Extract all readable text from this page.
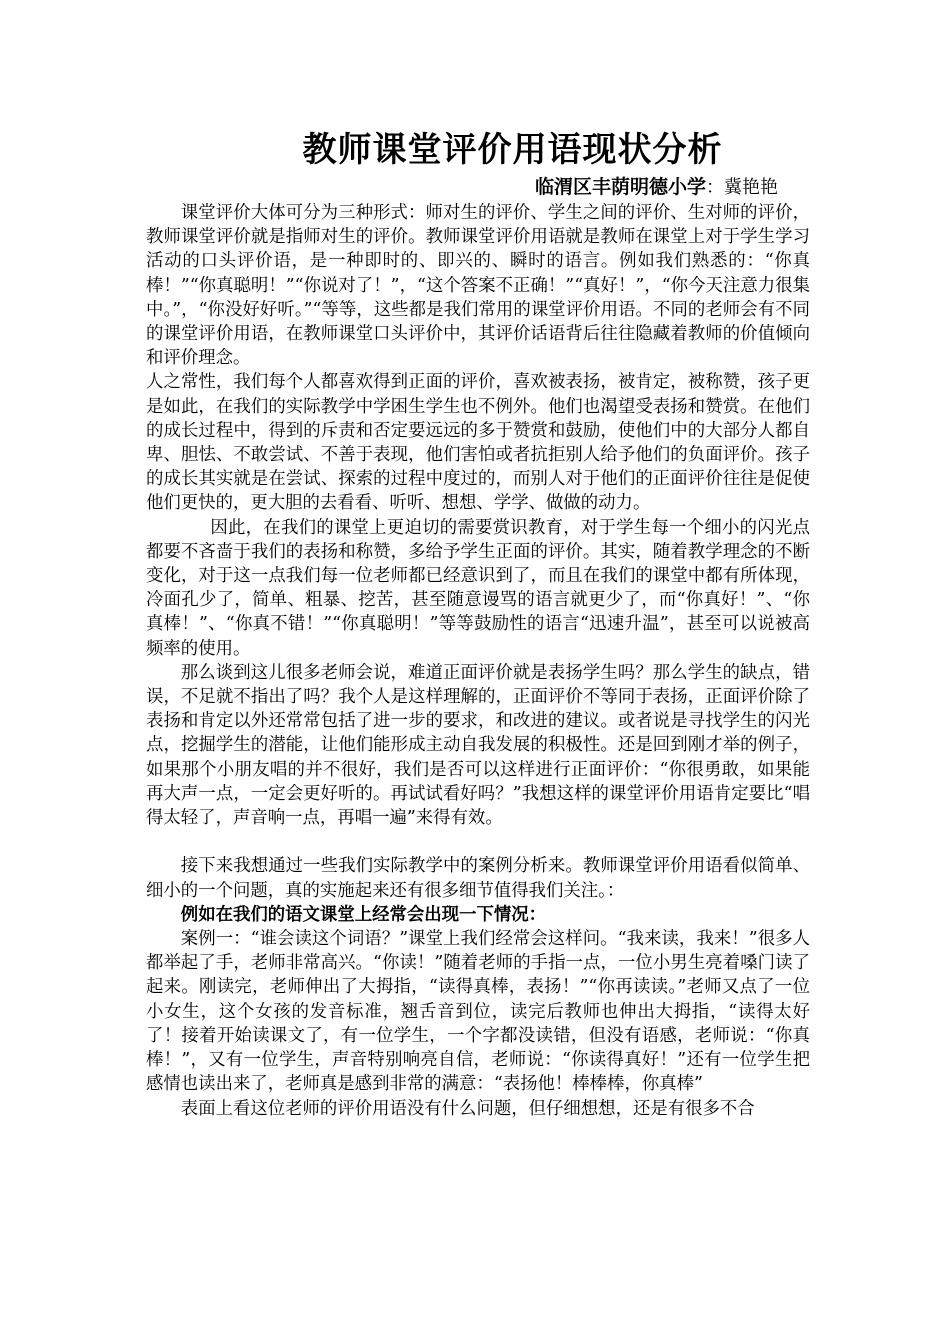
教师课堂评价用语现状分析
临渭区丰荫明德小学：冀艳艳

课堂评价大体可分为三种形式：师对生的评价、学生之间的评价、生对师的评价，教师课堂评价就是指师对生的评价。教师课堂评价用语就是教师在课堂上对于学生学习活动的口头评价语，是一种即时的、即兴的、瞬时的语言。例如我们熟悉的：“你真棒！”“你真聪明！”“你说对了！”，“这个答案不正确！”“真好！”，“你今天注意力很集中。”，“你没好好听。”“等等，这些都是我们常用的课堂评价用语。不同的老师会有不同的课堂评价用语，在教师课堂口头评价中，其评价话语背后往往隐藏着教师的价值倾向和评价理念。

人之常性，我们每个人都喜欢得到正面的评价，喜欢被表扬，被肯定，被称赞，孩子更是如此，在我们的实际教学中学困生学生也不例外。他们也渴望受表扬和赞赏。在他们的成长过程中，得到的斥责和否定要远远的多于赞赏和鼓励，使他们中的大部分人都自卑、胆怯、不敢尝试、不善于表现，他们害怕或者抗拒别人给予他们的负面评价。孩子的成长其实就是在尝试、探索的过程中度过的，而别人对于他们的正面评价往往是促使他们更快的，更大胆的去看看、听听、想想、学学、做做的动力。

因此，在我们的课堂上更迫切的需要赏识教育，对于学生每一个细小的闪光点都要不吝啬于我们的表扬和称赞，多给予学生正面的评价。其实，随着教学理念的不断变化，对于这一点我们每一位老师都已经意识到了，而且在我们的课堂中都有所体现，冷面孔少了，简单、粗暴、挖苦，甚至随意谩骂的语言就更少了，而“你真好！”、“你真棒！”、“你真不错！”“你真聪明！”等等鼓励性的语言“迅速升温”，甚至可以说被高频率的使用。

那么谈到这儿很多老师会说，难道正面评价就是表扬学生吗？那么学生的缺点，错误，不足就不指出了吗？我个人是这样理解的，正面评价不等同于表扬，正面评价除了表扬和肯定以外还常常包括了进一步的要求，和改进的建议。或者说是寻找学生的闪光点，挖掘学生的潜能，让他们能形成主动自我发展的积极性。还是回到刚才举的例子，如果那个小朋友唱的并不很好，我们是否可以这样进行正面评价：“你很勇敢，如果能再大声一点，一定会更好听的。再试试看好吗？”我想这样的课堂评价用语肯定要比“唱得太轻了，声音响一点，再唱一遍”来得有效。

接下来我想通过一些我们实际教学中的案例分析来。教师课堂评价用语看似简单、细小的一个问题，真的实施起来还有很多细节值得我们关注。：

例如在我们的语文课堂上经常会出现一下情况：

案例一：“谁会读这个词语？”课堂上我们经常会这样问。“我来读，我来！”很多人都举起了手，老师非常高兴。“你读！”随着老师的手指一点，一位小男生亮着嗓门读了起来。刚读完，老师伸出了大拇指，“读得真棒，表扬！”“你再读读。”老师又点了一位小女生，这个女孩的发音标准，翘舌音到位，读完后教师也伸出大拇指，“读得太好了！接着开始读课文了，有一位学生，一个字都没读错，但没有语感，老师说：“你真棒！”，又有一位学生，声音特别响亮自信，老师说：“你读得真好！”还有一位学生把感情也读出来了，老师真是感到非常的满意：“表扬他！棒棒棒，你真棒”

表面上看这位老师的评价用语没有什么问题，但仔细想想，还是有很多不合
